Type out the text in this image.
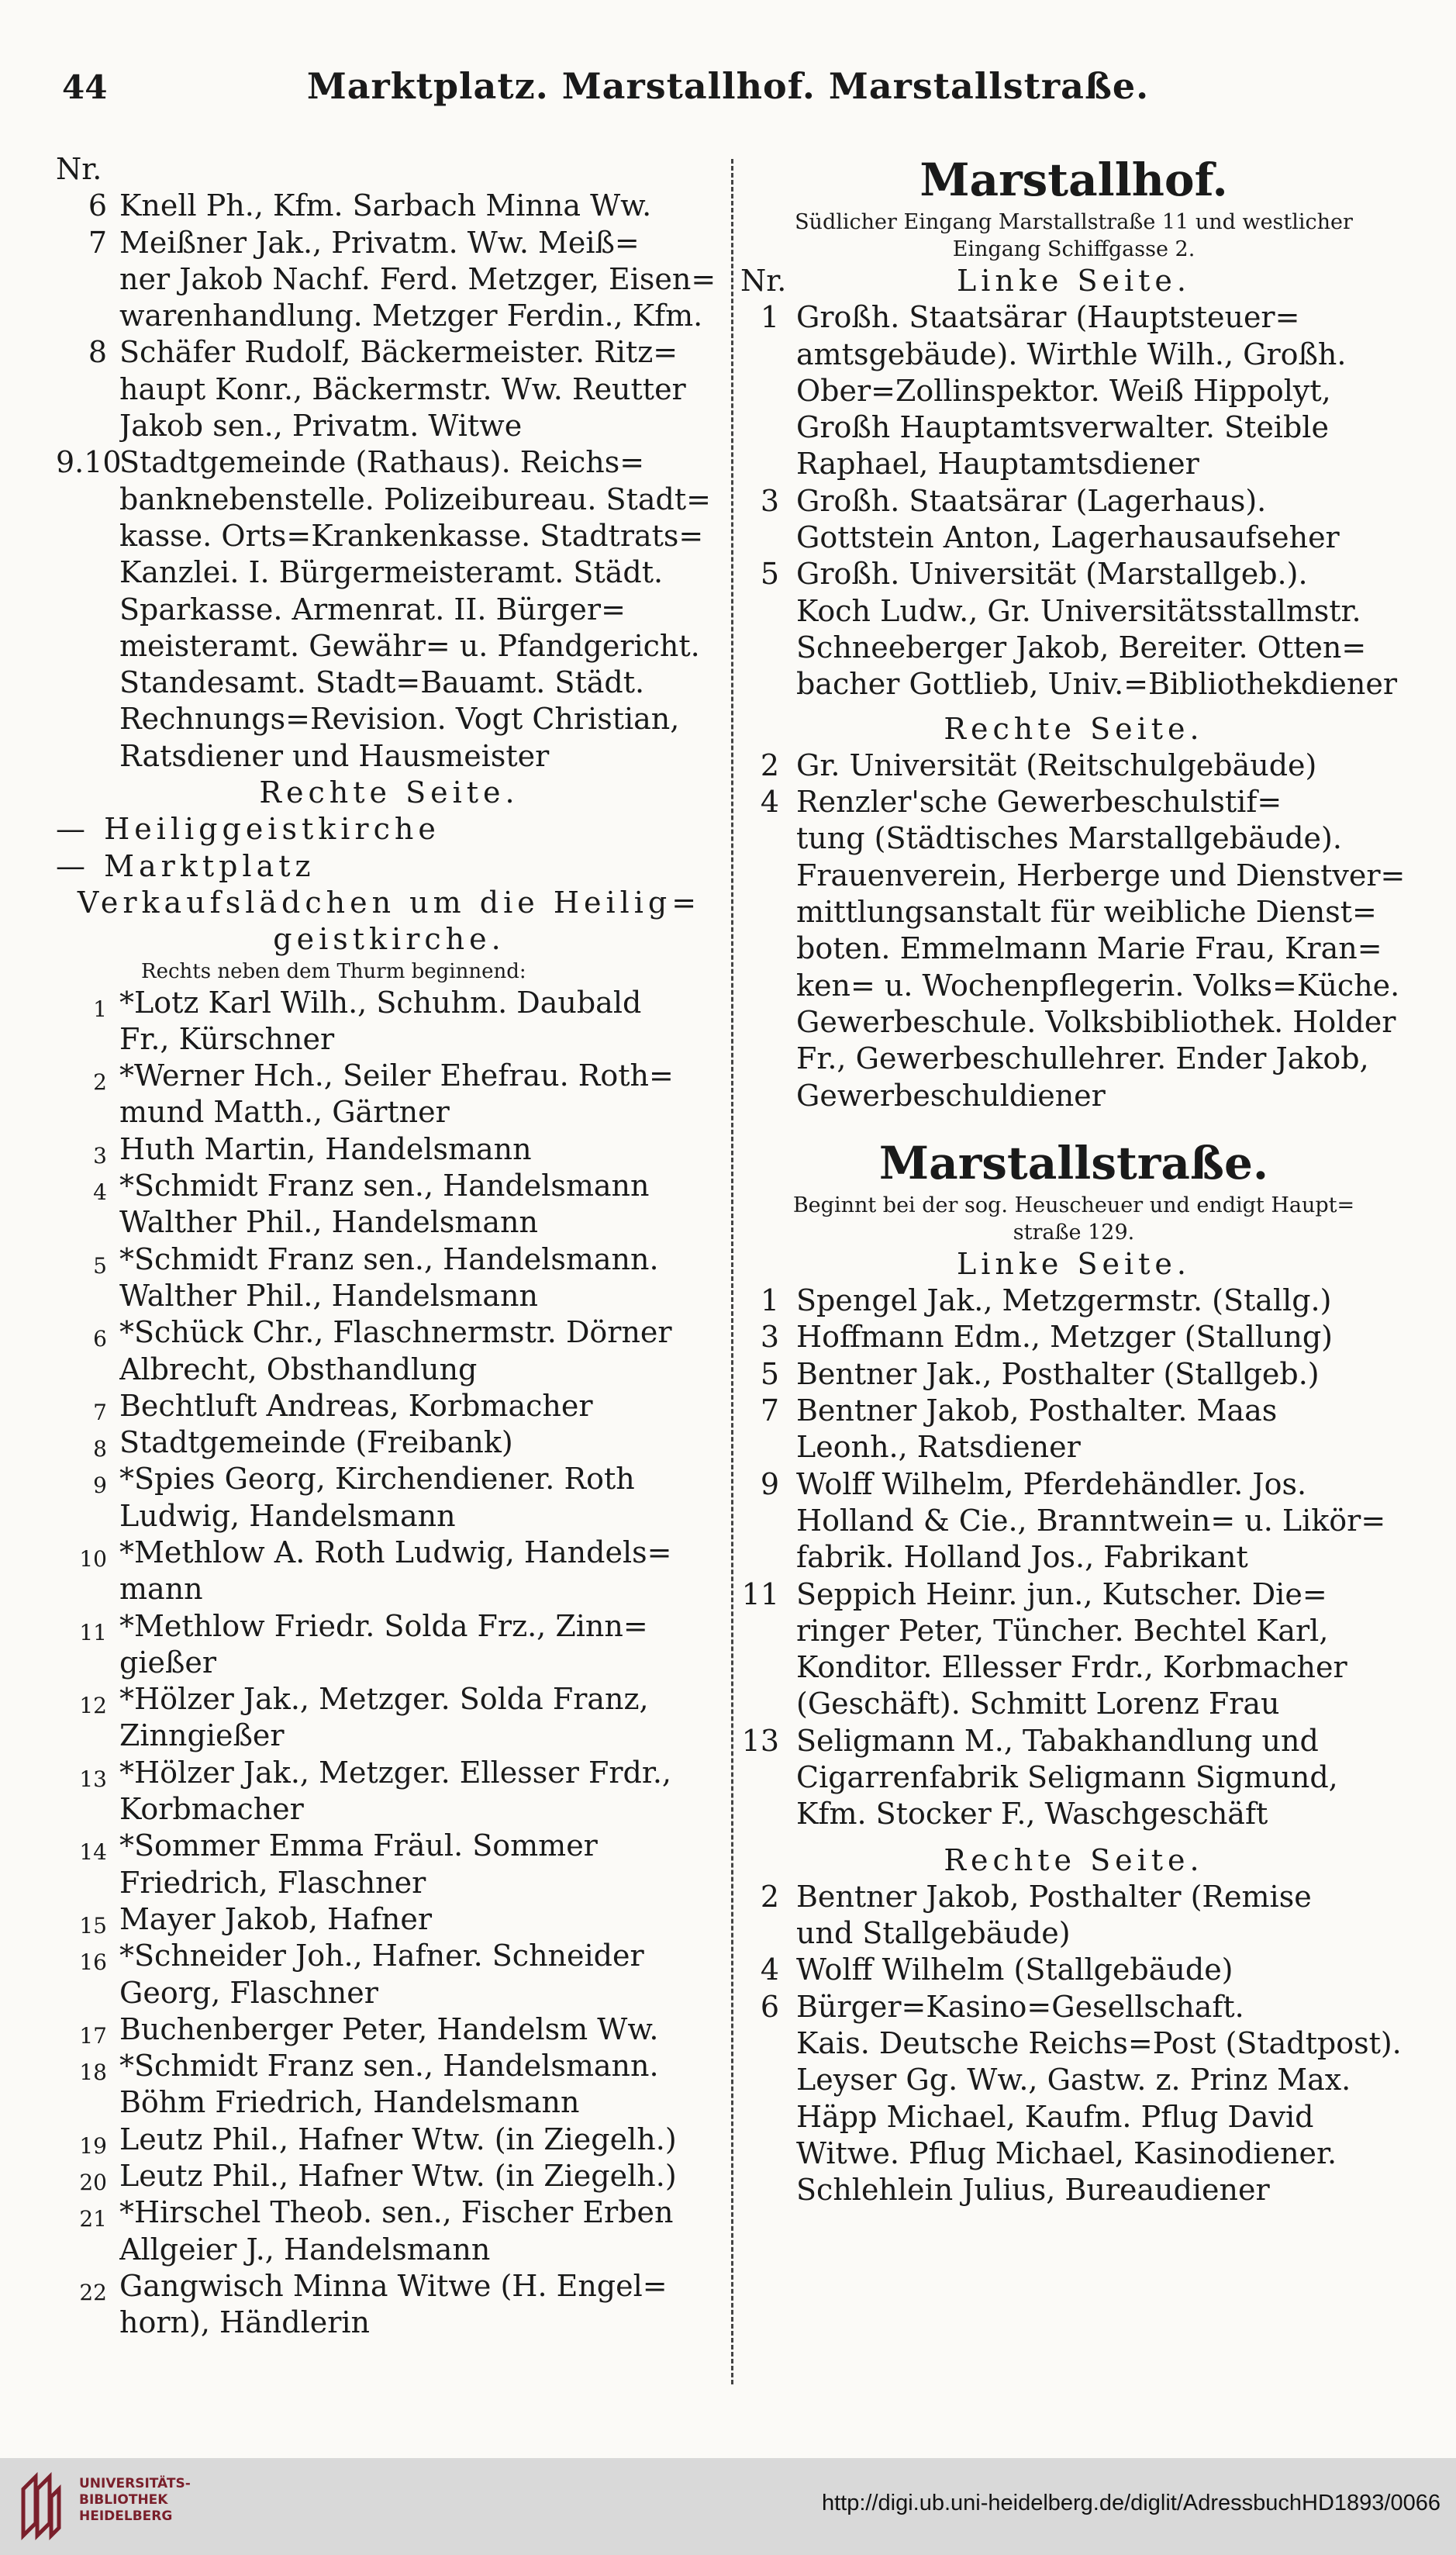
44	Marktplatz. Marstallhof. Marstallstraße.
Nr.
6 Knell Ph., Kfm. Sarbach Minna Ww.
7 Meißner Jak., Privatm. Ww. Meiß=
ner Jakob Nachf. Ferd. Metzger, Eisen=
warenhandlung. Metzger Ferdin., Kfm.
8 Schäfer Rudolf, Bäckermeister. Ritz=
haupt Konr., Bäckermstr. Ww. Reutter
Jakob sen., Privatm. Witwe
9.10
Stadtgemeinde (Rathaus). Reichs=
banknebenstelle. Polizeibureau. Stadt=
kasse. Orts=Krankenkasse. Stadtrats=
Kanzlei. I. Bürgermeisteramt. Städt.
Sparkasse. Armenrat. II. Bürger=
meisteramt. Gewähr= u. Pfandgericht.
Standesamt. Stadt=Bauamt. Städt.
Rechnungs=Revision. Vogt Christian,
Ratsdiener und Hausmeister
Rechte Seite.
— Heiliggeistkirche
— Marktplatz
Verkaufslädchen um die Heilig=
geistkirche.
Rechts neben dem Thurm beginnend:
1 *Lotz Karl Wilh., Schuhm. Daubald
Fr., Kürschner
2 *Werner Hch., Seiler Ehefrau. Roth=
mund Matth., Gärtner
3 Huth Martin, Handelsmann
4 *Schmidt Franz sen., Handelsmann
Walther Phil., Handelsmann
5 *Schmidt Franz sen., Handelsmann.
Walther Phil., Handelsmann
6 *Schück Chr., Flaschnermstr. Dörner
Albrecht, Obsthandlung
7 Bechtluft Andreas, Korbmacher
8 Stadtgemeinde (Freibank)
9 *Spies Georg, Kirchendiener. Roth
Ludwig, Handelsmann
10 *Methlow A. Roth Ludwig, Handels=
mann
11 *Methlow Friedr. Solda Frz., Zinn=
gießer
12 *Hölzer Jak., Metzger. Solda Franz,
Zinngießer
13 *Hölzer Jak., Metzger. Ellesser Frdr.,
Korbmacher
14 *Sommer Emma Fräul. Sommer
Friedrich, Flaschner
15 Mayer Jakob, Hafner
16 *Schneider Joh., Hafner. Schneider
Georg, Flaschner
17 Buchenberger Peter, Handelsm Ww.
18 *Schmidt Franz sen., Handelsmann.
Böhm Friedrich, Handelsmann
19 Leutz Phil., Hafner Wtw. (in Ziegelh.)
20 Leutz Phil., Hafner Wtw. (in Ziegelh.)
21 *Hirschel Theob. sen., Fischer Erben
Allgeier J., Handelsmann
22 Gangwisch Minna Witwe (H. Engel=
horn), Händlerin
Marstallhof.
Südlicher Eingang Marstallstraße 11 und westlicher
Eingang Schiffgasse 2.
Nr.	Linke Seite.
1 Großh. Staatsärar (Hauptsteuer=
amtsgebäude). Wirthle Wilh., Großh.
Ober=Zollinspektor. Weiß Hippolyt,
Großh Hauptamtsverwalter. Steible
Raphael, Hauptamtsdiener
3 Großh. Staatsärar (Lagerhaus).
Gottstein Anton, Lagerhausaufseher
5 Großh. Universität (Marstallgeb.).
Koch Ludw., Gr. Universitätsstallmstr.
Schneeberger Jakob, Bereiter. Otten=
bacher Gottlieb, Univ.=Bibliothekdiener
Rechte Seite.
2 Gr. Universität (Reitschulgebäude)
4 Renzler'sche Gewerbeschulstif=
tung (Städtisches Marstallgebäude).
Frauenverein, Herberge und Dienstver=
mittlungsanstalt für weibliche Dienst=
boten. Emmelmann Marie Frau, Kran=
ken= u. Wochenpflegerin. Volks=Küche.
Gewerbeschule. Volksbibliothek. Holder
Fr., Gewerbeschullehrer. Ender Jakob,
Gewerbeschuldiener
Marstallstraße.
Beginnt bei der sog. Heuscheuer und endigt Haupt=
straße 129.
Linke Seite.
1 Spengel Jak., Metzgermstr. (Stallg.)
3 Hoffmann Edm., Metzger (Stallung)
5 Bentner Jak., Posthalter (Stallgeb.)
7 Bentner Jakob, Posthalter. Maas
Leonh., Ratsdiener
9 Wolff Wilhelm, Pferdehändler. Jos.
Holland & Cie., Branntwein= u. Likör=
fabrik. Holland Jos., Fabrikant
11 Seppich Heinr. jun., Kutscher. Die=
ringer Peter, Tüncher. Bechtel Karl,
Konditor. Ellesser Frdr., Korbmacher
(Geschäft). Schmitt Lorenz Frau
13 Seligmann M., Tabakhandlung und
Cigarrenfabrik Seligmann Sigmund,
Kfm. Stocker F., Waschgeschäft
Rechte Seite.
2 Bentner Jakob, Posthalter (Remise
und Stallgebäude)
4 Wolff Wilhelm (Stallgebäude)
6 Bürger=Kasino=Gesellschaft.
Kais. Deutsche Reichs=Post (Stadtpost).
Leyser Gg. Ww., Gastw. z. Prinz Max.
Häpp Michael, Kaufm. Pflug David
Witwe. Pflug Michael, Kasinodiener.
Schlehlein Julius, Bureaudiener
UNIVERSITÄTS-
BIBLIOTHEK
HEIDELBERG
http://digi.ub.uni-heidelberg.de/diglit/AdressbuchHD1893/0066
